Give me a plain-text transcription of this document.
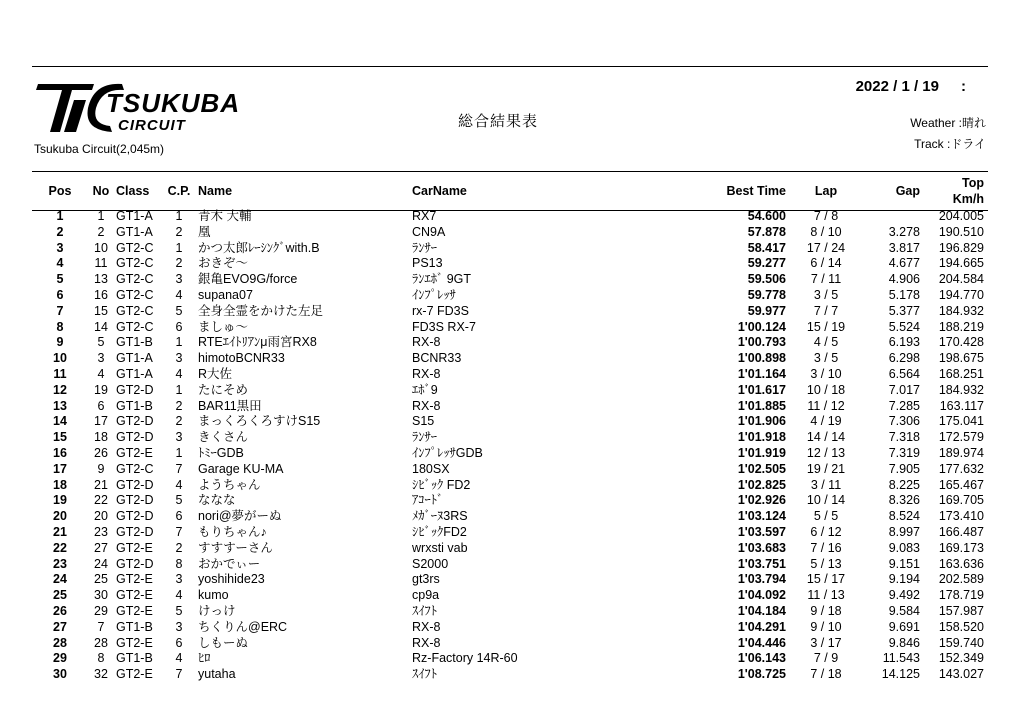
TSUKUBA
CIRCUIT
Tsukuba Circuit(2,045m)
総合結果表
2022 / 1 / 19 :
Weather :晴れ
Track :ドライ
Pos	No	Class	C.P.	Name	CarName	Best Time	Lap	Gap	Top
Km/h
1	1	GT1-A	1	青木 大輔	RX7	54.600	7 / 8		204.005
2	2	GT1-A	2	凰	CN9A	57.878	8 / 10	3.278	190.510
3	10	GT2-C	1	かつ太郎ﾚｰｼﾝｸﾞwith.B	ﾗﾝｻｰ	58.417	17 / 24	3.817	196.829
4	11	GT2-C	2	おきぞ〜	PS13	59.277	6 / 14	4.677	194.665
5	13	GT2-C	3	銀亀EVO9G/force	ﾗﾝｴﾎﾞ 9GT	59.506	7 / 11	4.906	204.584
6	16	GT2-C	4	supana07	ｲﾝﾌﾟﾚｯｻ	59.778	3 / 5	5.178	194.770
7	15	GT2-C	5	全身全霊をかけた左足	rx-7 FD3S	59.977	7 / 7	5.377	184.932
8	14	GT2-C	6	ましゅ〜	FD3S RX-7	1'00.124	15 / 19	5.524	188.219
9	5	GT1-B	1	RTEｴｲﾄﾘｱﾝμ雨宮RX8	RX-8	1'00.793	4 / 5	6.193	170.428
10	3	GT1-A	3	himotoBCNR33	BCNR33	1'00.898	3 / 5	6.298	198.675
11	4	GT1-A	4	R大佐	RX-8	1'01.164	3 / 10	6.564	168.251
12	19	GT2-D	1	たにそめ	ｴﾎﾞ9	1'01.617	10 / 18	7.017	184.932
13	6	GT1-B	2	BAR11黒田	RX-8	1'01.885	11 / 12	7.285	163.117
14	17	GT2-D	2	まっくろくろすけS15	S15	1'01.906	4 / 19	7.306	175.041
15	18	GT2-D	3	きくさん	ﾗﾝｻｰ	1'01.918	14 / 14	7.318	172.579
16	26	GT2-E	1	ﾄﾐｰGDB	ｲﾝﾌﾟﾚｯｻGDB	1'01.919	12 / 13	7.319	189.974
17	9	GT2-C	7	Garage KU-MA	180SX	1'02.505	19 / 21	7.905	177.632
18	21	GT2-D	4	ようちゃん	ｼﾋﾞｯｸ FD2	1'02.825	3 / 11	8.225	165.467
19	22	GT2-D	5	ななな	ｱｺｰﾄﾞ	1'02.926	10 / 14	8.326	169.705
20	20	GT2-D	6	nori@夢がーぬ	ﾒｶﾞｰﾇ3RS	1'03.124	5 / 5	8.524	173.410
21	23	GT2-D	7	もりちゃん♪	ｼﾋﾞｯｸFD2	1'03.597	6 / 12	8.997	166.487
22	27	GT2-E	2	すすすーさん	wrxsti vab	1'03.683	7 / 16	9.083	169.173
23	24	GT2-D	8	おかでぃー	S2000	1'03.751	5 / 13	9.151	163.636
24	25	GT2-E	3	yoshihide23	gt3rs	1'03.794	15 / 17	9.194	202.589
25	30	GT2-E	4	kumo	cp9a	1'04.092	11 / 13	9.492	178.719
26	29	GT2-E	5	けっけ	ｽｲﾌﾄ	1'04.184	9 / 18	9.584	157.987
27	7	GT1-B	3	ちくりん@ERC	RX-8	1'04.291	9 / 10	9.691	158.520
28	28	GT2-E	6	しもーぬ	RX-8	1'04.446	3 / 17	9.846	159.740
29	8	GT1-B	4	ﾋﾛ	Rz-Factory 14R-60	1'06.143	7 / 9	11.543	152.349
30	32	GT2-E	7	yutaha	ｽｲﾌﾄ	1'08.725	7 / 18	14.125	143.027
